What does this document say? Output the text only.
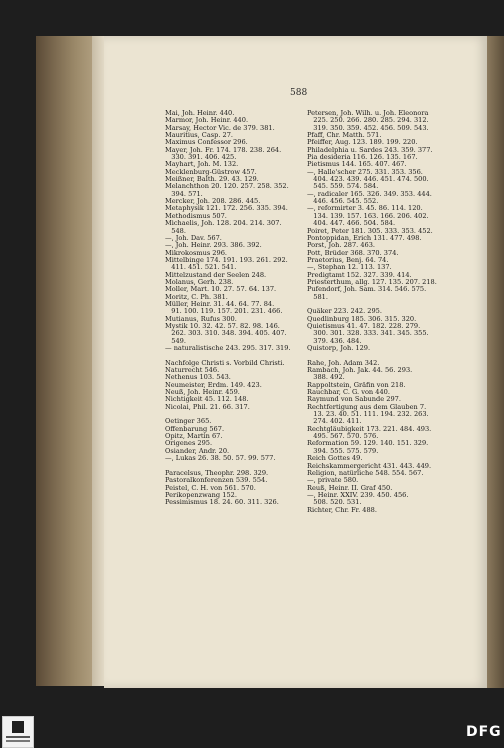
588
Mai, Joh. Heinr. 440.
Marmor, Joh. Heinr. 440.
Marsay, Hector Vic. de 379. 381.
Mauritius, Casp. 27.
Maximus Confessor 296.
Mayer, Joh. Fr. 174. 178. 238. 264.
330. 391. 406. 425.
Mayhart, Joh. M. 132.
Mecklenburg-Güstrow 457.
Meißner, Balth. 29. 43. 129.
Melanchthon 20. 120. 257. 258. 352.
394. 571.
Mercker, Joh. 208. 286. 445.
Metaphysik 121. 172. 256. 335. 394.
Methodismus 507.
Michaelis, Joh. 128. 204. 214. 307.
548.
—, Joh. Dav. 567.
—, Joh. Heinr. 293. 386. 392.
Mikrokosmus 296.
Mittelbinge 174. 191. 193. 261. 292.
411. 451. 521. 541.
Mittelzustand der Seelen 248.
Molanus, Gerh. 238.
Moller, Mart. 10. 27. 57. 64. 137.
Moritz, C. Ph. 381.
Müller, Heinr. 31. 44. 64. 77. 84.
91. 100. 119. 157. 201. 231. 466.
Mutianus, Rufus 300.
Mystik 10. 32. 42. 57. 82. 98. 146.
262. 303. 310. 348. 394. 405. 407.
549.
— naturalistische 243. 295. 317. 319.
Nachfolge Christi s. Vorbild Christi.
Naturrecht 546.
Nethenus 103. 543.
Neumeister, Erdm. 149. 423.
Neuß, Joh. Heinr. 459.
Nichtigkeit 45. 112. 148.
Nicolai, Phil. 21. 66. 317.
Oetinger 365.
Offenbarung 567.
Opitz, Martin 67.
Origenes 295.
Osiander, Andr. 20.
—, Lukas 26. 38. 50. 57. 99. 577.
Paracelsus, Theophr. 298. 329.
Pastoralkonferenzen 539. 554.
Peistel, C. H. von 561. 570.
Perikopenzwang 152.
Pessimismus 18. 24. 60. 311. 326.
Petersen, Joh. Wilh. u. Joh. Eleonora
225. 250. 266. 280. 285. 294. 312.
319. 350. 359. 452. 456. 509. 543.
Pfaff, Chr. Matth. 571.
Pfeiffer, Aug. 123. 189. 199. 220.
Philadelphia u. Sardes 243. 359. 377.
Pia desideria 116. 126. 135. 167.
Pietismus 144. 165. 407. 467.
—, Halle'scher 275. 331. 353. 356.
404. 423. 439. 446. 451. 474. 500.
545. 559. 574. 584.
—, radicaler 165. 326. 349. 353. 444.
446. 456. 545. 552.
—, reformirter 3. 45. 86. 114. 120.
134. 139. 157. 163. 166. 206. 402.
404. 447. 466. 504. 584.
Poiret, Peter 181. 305. 333. 353. 452.
Pontoppidan, Erich 131. 477. 498.
Porst, Joh. 287. 463.
Pott, Brüder 368. 370. 374.
Praetorius, Benj. 64. 74.
—, Stephan 12. 113. 137.
Predigtamt 152. 327. 339. 414.
Priesterthum, allg. 127. 135. 207. 218.
Pufendorf, Joh. Sam. 314. 546. 575.
581.
Quäker 223. 242. 295.
Quedlinburg 185. 306. 315. 320.
Quietismus 41. 47. 182. 228. 279.
300. 301. 328. 333. 341. 345. 355.
379. 436. 484.
Quistorp, Joh. 129.
Rahe, Joh. Adam 342.
Rambach, Joh. Jak. 44. 56. 293.
388. 492.
Rappoltstein, Gräfin von 218.
Rauchbar, C. G. von 440.
Raymund von Sabunde 297.
Rechtfertigung aus dem Glauben 7.
13. 23. 40. 51. 111. 194. 232. 263.
274. 402. 411.
Rechtgläubigkeit 173. 221. 484. 493.
495. 567. 570. 576.
Reformation 59. 129. 140. 151. 329.
394. 555. 575. 579.
Reich Gottes 49.
Reichskammergericht 431. 443. 449.
Religion, natürliche 548. 554. 567.
—, private 580.
Reuß, Heinr. II. Graf 450.
—, Heinr. XXIV. 239. 450. 456.
508. 520. 531.
Richter, Chr. Fr. 488.
DFG
